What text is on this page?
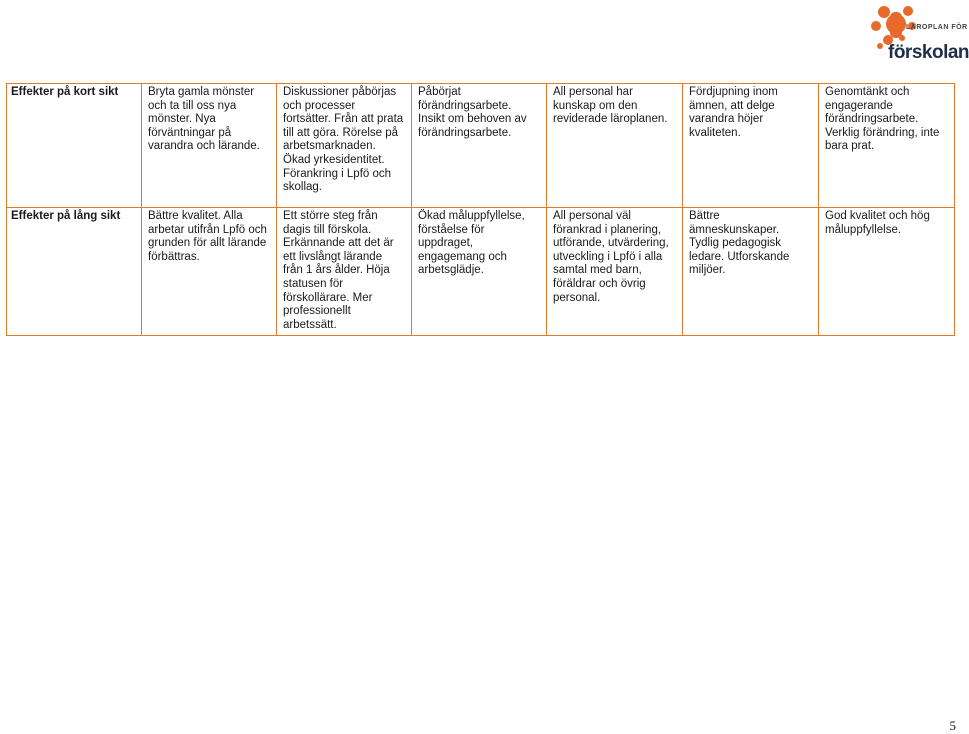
LÄROPLAN FÖR
förskolan
Effekter på kort sikt	Bryta gamla mönster och ta till oss nya mönster. Nya förväntningar på varandra och lärande.	Diskussioner påbörjas och processer fortsätter. Från att prata till att göra. Rörelse på arbetsmarknaden. Ökad yrkesidentitet. Förankring i Lpfö och skollag.	Påbörjat förändringsarbete. Insikt om behoven av förändringsarbete.	All personal har kunskap om den reviderade läroplanen.	Fördjupning inom ämnen, att delge varandra höjer kvaliteten.	Genomtänkt och engagerande förändringsarbete. Verklig förändring, inte bara prat.
Effekter på lång sikt	Bättre kvalitet. Alla arbetar utifrån Lpfö och grunden för allt lärande förbättras.	Ett större steg från dagis till förskola. Erkännande att det är ett livslångt lärande från 1 års ålder. Höja statusen för förskollärare. Mer professionellt arbetssätt.	Ökad måluppfyllelse, förståelse för uppdraget, engagemang och arbetsglädje.	All personal väl förankrad i planering, utförande, utvärdering, utveckling i Lpfö i alla samtal med barn, föräldrar och övrig personal.	Bättre ämneskunskaper. Tydlig pedagogisk ledare. Utforskande miljöer.	God kvalitet och hög måluppfyllelse.
5
